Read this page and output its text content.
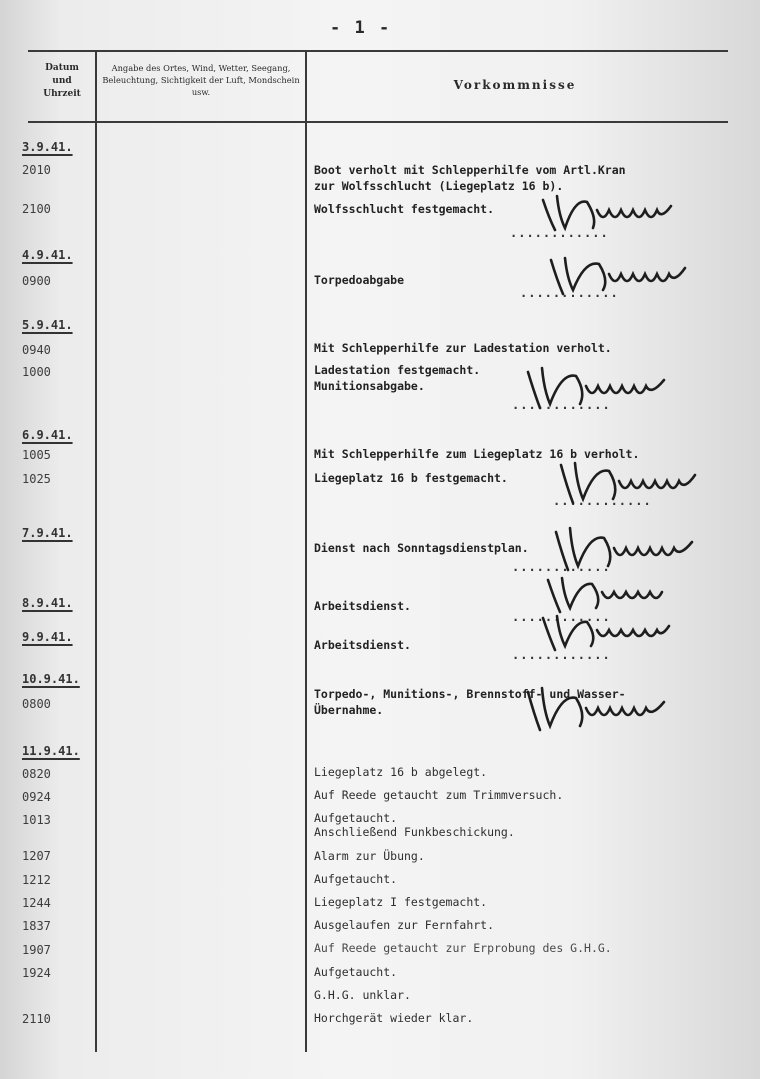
- 1 -
Datum
und
Uhrzeit
Angabe des Ortes, Wind, Wetter, Seegang, Beleuchtung, Sichtigkeit der Luft, Mondschein usw.	Vorkommnisse
3.9.41.
4.9.41.
5.9.41.
6.9.41.
7.9.41.
8.9.41.
9.9.41.
10.9.41.
11.9.41.
2010
2100
0900
0940
1000
1005
1025
0800
0820
0924
1013
1207
1212
1244
1837
1907
1924
2110
Boot verholt mit Schlepperhilfe vom Artl.Kran
zur Wolfsschlucht (Liegeplatz 16 b).
Wolfsschlucht festgemacht.
Torpedoabgabe
Mit Schlepperhilfe zur Ladestation verholt.
Ladestation festgemacht.
Munitionsabgabe.
Mit Schlepperhilfe zum Liegeplatz 16 b verholt.
Liegeplatz 16 b festgemacht.
Dienst nach Sonntagsdienstplan.
Arbeitsdienst.
Arbeitsdienst.
Torpedo-, Munitions-, Brennstoff- und Wasser-
Übernahme.
Liegeplatz 16 b abgelegt.
Auf Reede getaucht zum Trimmversuch.
Aufgetaucht.
Anschließend Funkbeschickung.
Alarm zur Übung.
Aufgetaucht.
Liegeplatz I festgemacht.
Ausgelaufen zur Fernfahrt.
Auf Reede getaucht zur Erprobung des G.H.G.
Aufgetaucht.
G.H.G. unklar.
Horchgerät wieder klar.
............
............
............
............
............
............
............
